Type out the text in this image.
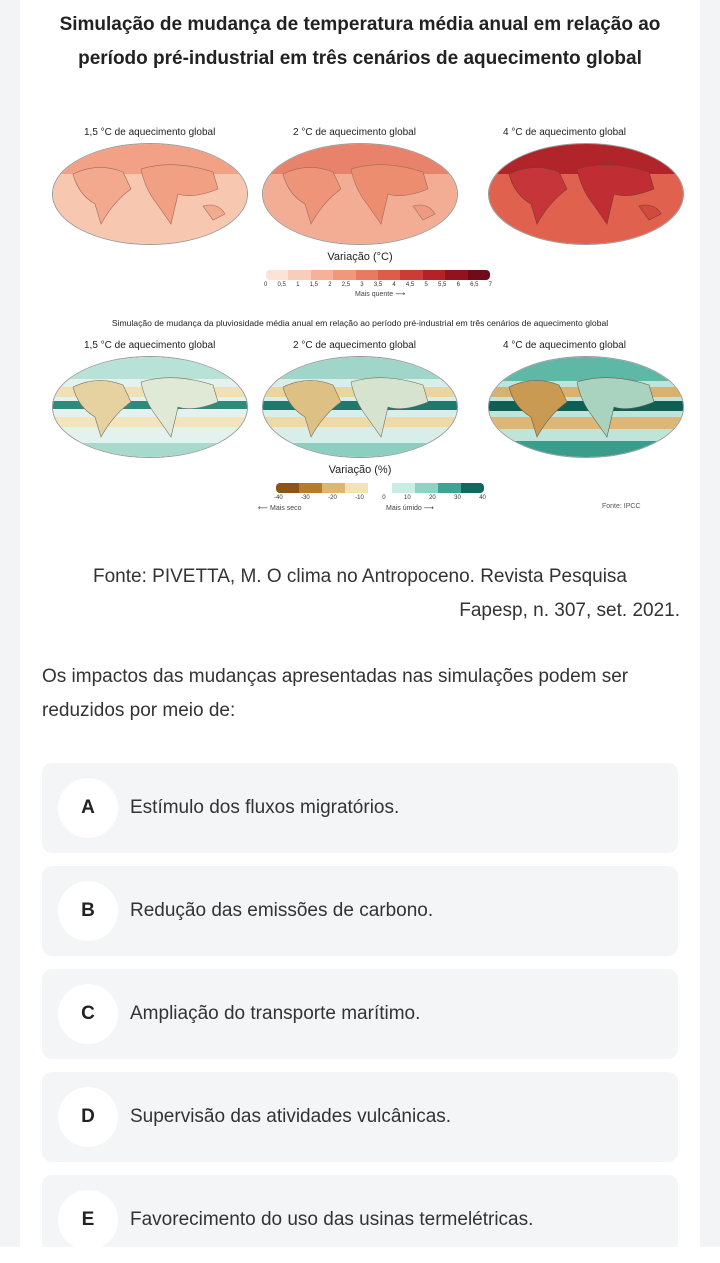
Simulação de mudança de temperatura média anual em relação ao período pré-industrial em três cenários de aquecimento global
1,5 °C de aquecimento global	2 °C de aquecimento global	4 °C de aquecimento global
Variação (°C)
0 0,5 1 1,5 2 2,5 3 3,5 4 4,5 5 5,5 6 6,5 7
Mais quente ⟶
Simulação de mudança da pluviosidade média anual em relação ao período pré-industrial em três cenários de aquecimento global
1,5 °C de aquecimento global	2 °C de aquecimento global	4 °C de aquecimento global
Variação (%)
-40	-30	-20	-10	0	10	20	30	40
⟵ Mais seco	Mais úmido ⟶	Fonte: IPCC
Fonte: PIVETTA, M. O clima no Antropoceno. Revista Pesquisa
Fapesp, n. 307, set. 2021.
Os impactos das mudanças apresentadas nas simulações podem ser reduzidos por meio de:
A	Estímulo dos fluxos migratórios.
B	Redução das emissões de carbono.
C	Ampliação do transporte marítimo.
D	Supervisão das atividades vulcânicas.
E	Favorecimento do uso das usinas termelétricas.
